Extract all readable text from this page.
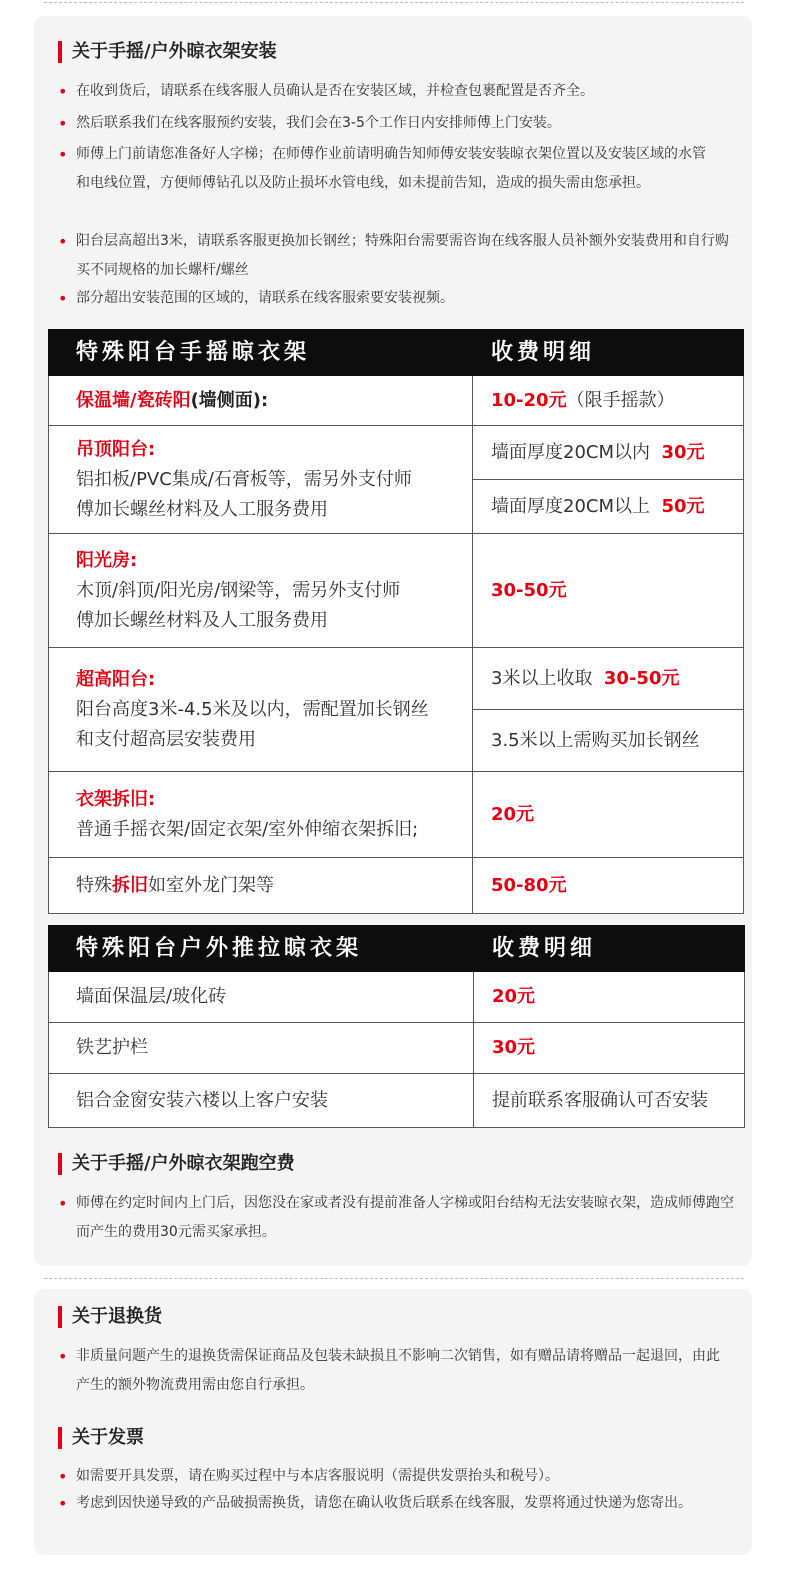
关于手摇/户外晾衣架安装
• 在收到货后，请联系在线客服人员确认是否在安装区域，并检查包裹配置是否齐全。
• 然后联系我们在线客服预约安装，我们会在3-5个工作日内安排师傅上门安装。
• 师傅上门前请您准备好人字梯；在师傅作业前请明确告知师傅安装安装晾衣架位置以及安装区域的水管和电线位置，方便师傅钻孔以及防止损坏水管电线，如未提前告知，造成的损失需由您承担。
• 阳台层高超出3米，请联系客服更换加长钢丝；特殊阳台需要需咨询在线客服人员补额外安装费用和自行购买不同规格的加长螺杆/螺丝
• 部分超出安装范围的区域的，请联系在线客服索要安装视频。
特殊阳台手摇晾衣架	收费明细
保温墙/瓷砖阳(墙侧面):	10-20元（限手摇款）

吊顶阳台:
铝扣板/PVC集成/石膏板等，需另外支付师
傅加长螺丝材料及人工服务费用	墙面厚度20CM以内 30元
	墙面厚度20CM以上 50元

阳光房:
木顶/斜顶/阳光房/钢梁等，需另外支付师
傅加长螺丝材料及人工服务费用	30-50元

超高阳台:
阳台高度3米-4.5米及以内，需配置加长钢丝
和支付超高层安装费用	3米以上收取 30-50元
	3.5米以上需购买加长钢丝

衣架拆旧:
普通手摇衣架/固定衣架/室外伸缩衣架拆旧;	20元
特殊拆旧如室外龙门架等	50-80元
特殊阳台户外推拉晾衣架	收费明细
墙面保温层/玻化砖	20元
铁艺护栏	30元
铝合金窗安装六楼以上客户安装	提前联系客服确认可否安装
关于手摇/户外晾衣架跑空费
• 师傅在约定时间内上门后，因您没在家或者没有提前准备人字梯或阳台结构无法安装晾衣架，造成师傅跑空而产生的费用30元需买家承担。
关于退换货
• 非质量问题产生的退换货需保证商品及包装未缺损且不影响二次销售，如有赠品请将赠品一起退回，由此产生的额外物流费用需由您自行承担。
关于发票
• 如需要开具发票，请在购买过程中与本店客服说明（需提供发票抬头和税号）。
• 考虑到因快递导致的产品破损需换货，请您在确认收货后联系在线客服，发票将通过快递为您寄出。
